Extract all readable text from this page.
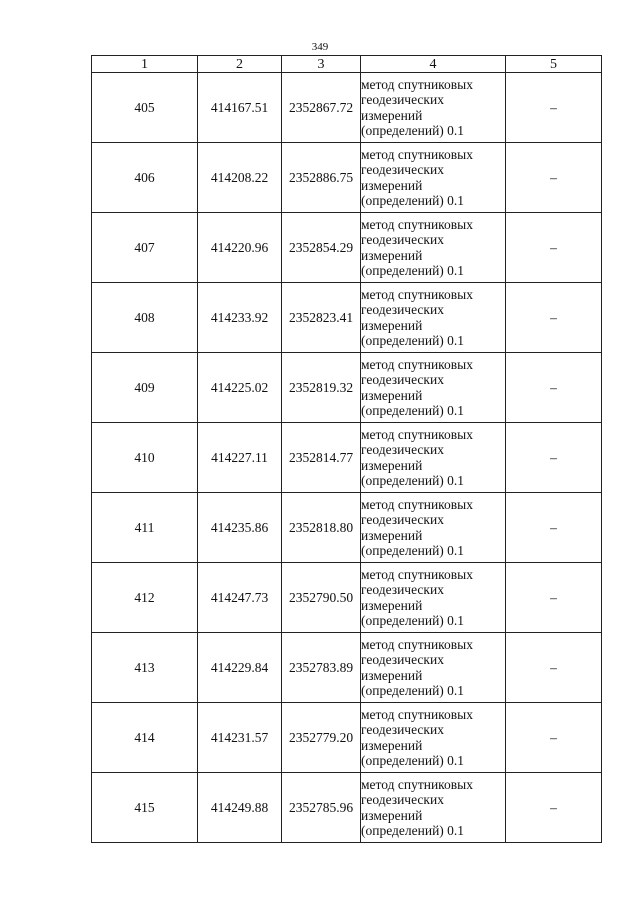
349
1	2	3	4	5
405	414167.51	2352867.72	метод спутниковых
геодезических
измерений
(определений) 0.1	–
406	414208.22	2352886.75	метод спутниковых
геодезических
измерений
(определений) 0.1	–
407	414220.96	2352854.29	метод спутниковых
геодезических
измерений
(определений) 0.1	–
408	414233.92	2352823.41	метод спутниковых
геодезических
измерений
(определений) 0.1	–
409	414225.02	2352819.32	метод спутниковых
геодезических
измерений
(определений) 0.1	–
410	414227.11	2352814.77	метод спутниковых
геодезических
измерений
(определений) 0.1	–
411	414235.86	2352818.80	метод спутниковых
геодезических
измерений
(определений) 0.1	–
412	414247.73	2352790.50	метод спутниковых
геодезических
измерений
(определений) 0.1	–
413	414229.84	2352783.89	метод спутниковых
геодезических
измерений
(определений) 0.1	–
414	414231.57	2352779.20	метод спутниковых
геодезических
измерений
(определений) 0.1	–
415	414249.88	2352785.96	метод спутниковых
геодезических
измерений
(определений) 0.1	–
